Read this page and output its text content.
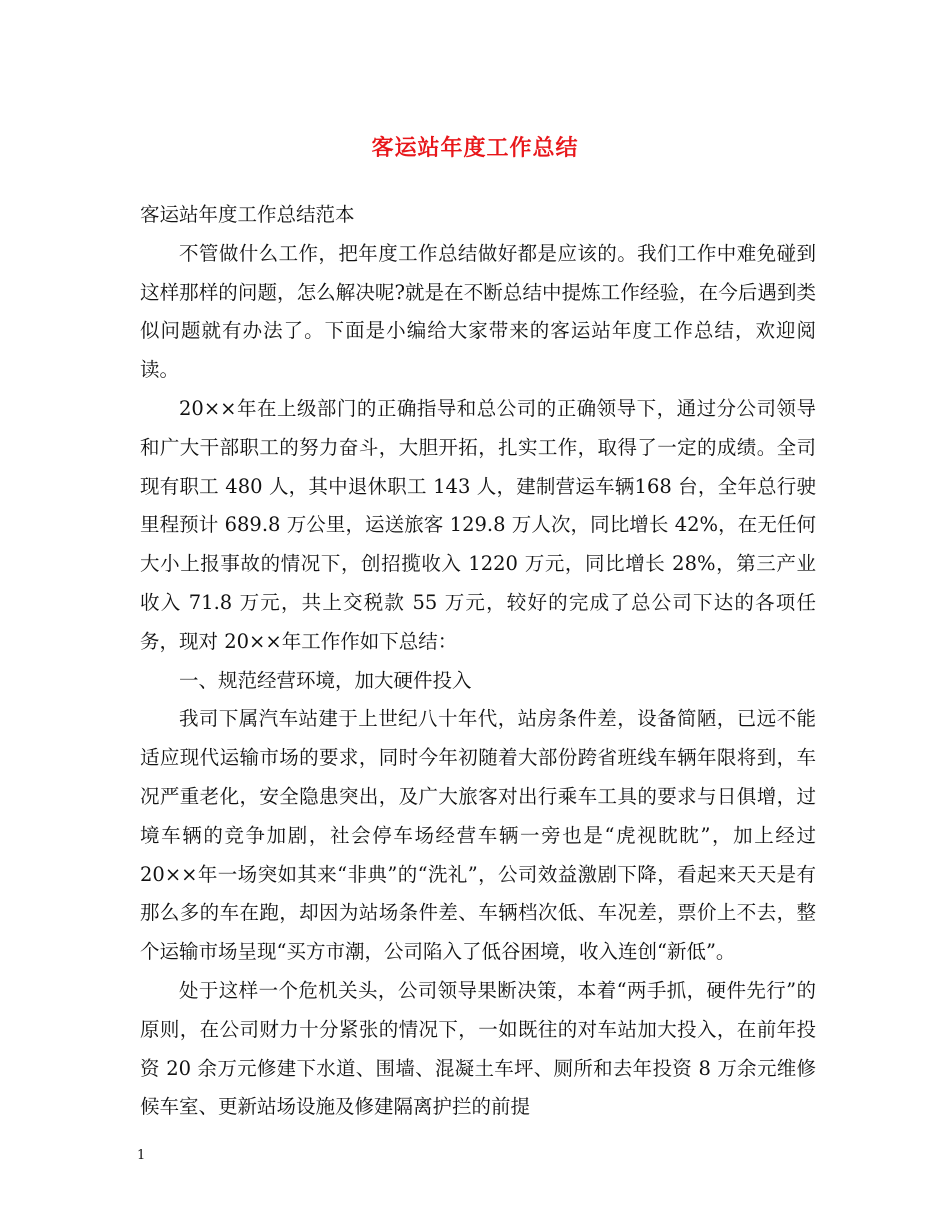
客运站年度工作总结

客运站年度工作总结范本

不管做什么工作，把年度工作总结做好都是应该的。我们工作中难免碰到这样那样的问题，怎么解决呢?就是在不断总结中提炼工作经验，在今后遇到类似问题就有办法了。下面是小编给大家带来的客运站年度工作总结，欢迎阅读。

20××年在上级部门的正确指导和总公司的正确领导下，通过分公司领导和广大干部职工的努力奋斗，大胆开拓，扎实工作，取得了一定的成绩。全司现有职工 480 人，其中退休职工 143 人，建制营运车辆168 台，全年总行驶里程预计 689.8 万公里，运送旅客 129.8 万人次，同比增长 42%，在无任何大小上报事故的情况下，创招揽收入 1220 万元，同比增长 28%，第三产业收入 71.8 万元，共上交税款 55 万元，较好的完成了总公司下达的各项任务，现对 20××年工作作如下总结：

一、规范经营环境，加大硬件投入

我司下属汽车站建于上世纪八十年代，站房条件差，设备简陋，已远不能适应现代运输市场的要求，同时今年初随着大部份跨省班线车辆年限将到，车况严重老化，安全隐患突出，及广大旅客对出行乘车工具的要求与日俱增，过境车辆的竞争加剧，社会停车场经营车辆一旁也是“虎视眈眈”，加上经过 20××年一场突如其来“非典”的“洗礼”，公司效益激剧下降，看起来天天是有那么多的车在跑，却因为站场条件差、车辆档次低、车况差，票价上不去，整个运输市场呈现“买方市潮，公司陷入了低谷困境，收入连创“新低”。

处于这样一个危机关头，公司领导果断决策，本着“两手抓，硬件先行”的原则，在公司财力十分紧张的情况下，一如既往的对车站加大投入，在前年投资 20 余万元修建下水道、围墙、混凝土车坪、厕所和去年投资 8 万余元维修候车室、更新站场设施及修建隔离护拦的前提

1
